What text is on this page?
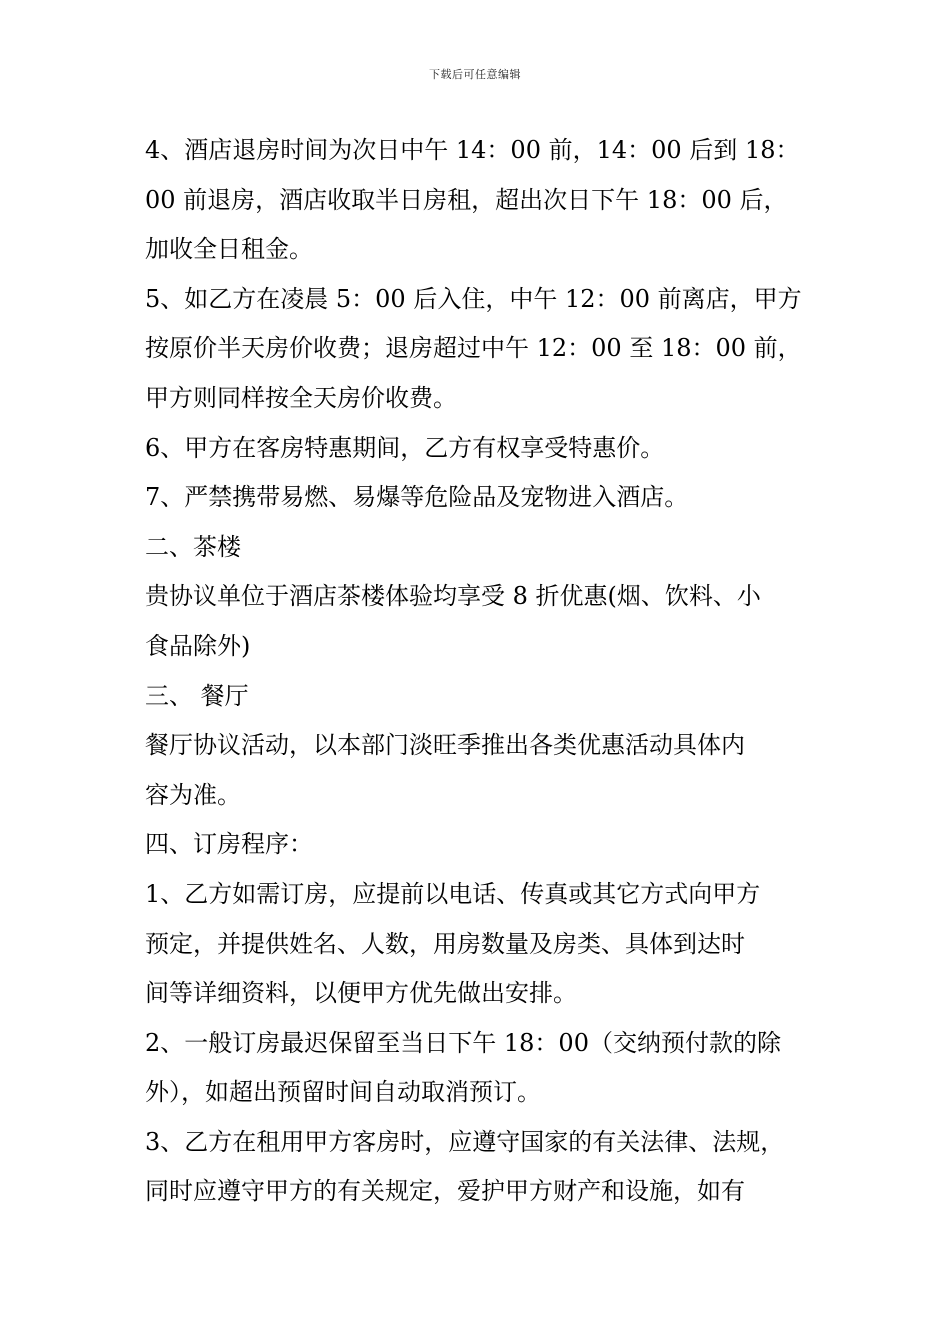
下载后可任意编辑
4、酒店退房时间为次日中午 14：00 前，14：00 后到 18：
00 前退房，酒店收取半日房租，超出次日下午 18：00 后，
加收全日租金。
5、如乙方在凌晨 5：00 后入住，中午 12：00 前离店，甲方
按原价半天房价收费；退房超过中午 12：00 至 18：00 前，
甲方则同样按全天房价收费。
6、甲方在客房特惠期间，乙方有权享受特惠价。
7、严禁携带易燃、易爆等危险品及宠物进入酒店。
二、茶楼
贵协议单位于酒店茶楼体验均享受 8 折优惠(烟、饮料、小
食品除外)
三、 餐厅
餐厅协议活动，以本部门淡旺季推出各类优惠活动具体内
容为准。
四、订房程序：
1、乙方如需订房，应提前以电话、传真或其它方式向甲方
预定，并提供姓名、人数，用房数量及房类、具体到达时
间等详细资料，以便甲方优先做出安排。
2、一般订房最迟保留至当日下午 18：00（交纳预付款的除
外），如超出预留时间自动取消预订。
3、乙方在租用甲方客房时，应遵守国家的有关法律、法规，
同时应遵守甲方的有关规定，爱护甲方财产和设施，如有
